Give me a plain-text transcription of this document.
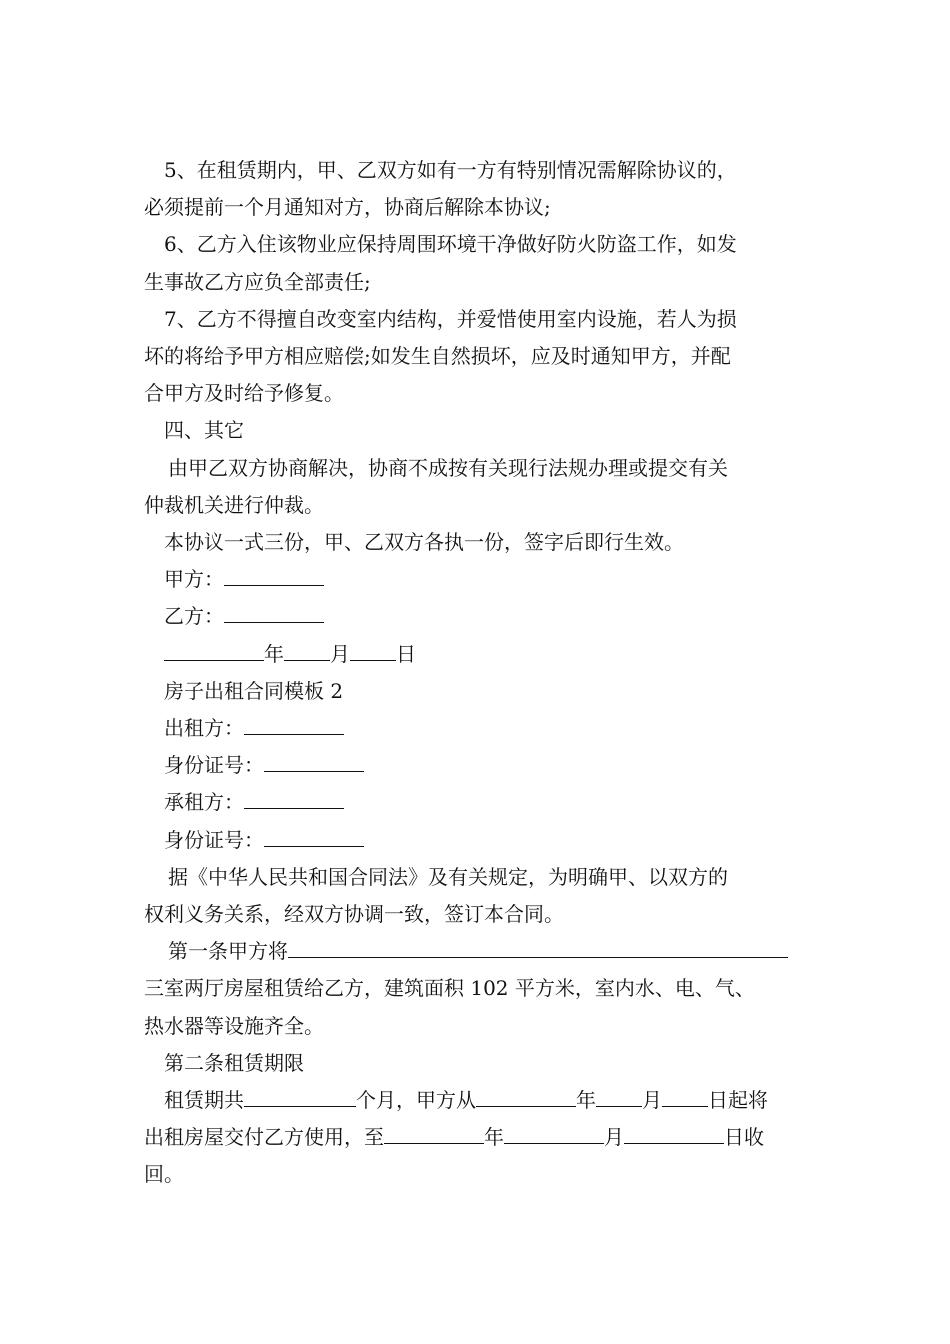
5、在租赁期内，甲、乙双方如有一方有特别情况需解除协议的，

必须提前一个月通知对方，协商后解除本协议;

6、乙方入住该物业应保持周围环境干净做好防火防盗工作，如发

生事故乙方应负全部责任;

7、乙方不得擅自改变室内结构，并爱惜使用室内设施，若人为损

坏的将给予甲方相应赔偿;如发生自然损坏，应及时通知甲方，并配

合甲方及时给予修复。

四、其它

由甲乙双方协商解决，协商不成按有关现行法规办理或提交有关

仲裁机关进行仲裁。

本协议一式三份，甲、乙双方各执一份，签字后即行生效。

甲方：

乙方：

年 月 日

房子出租合同模板 2

出租方：

身份证号：

承租方：

身份证号：

据《中华人民共和国合同法》及有关规定，为明确甲、以双方的

权利义务关系，经双方协调一致，签订本合同。

第一条甲方将

三室两厅房屋租赁给乙方，建筑面积 102 平方米，室内水、电、气、

热水器等设施齐全。

第二条租赁期限

租赁期共	个月，甲方从	年 月 日起将

出租房屋交付乙方使用，至	年	月	日收

回。
